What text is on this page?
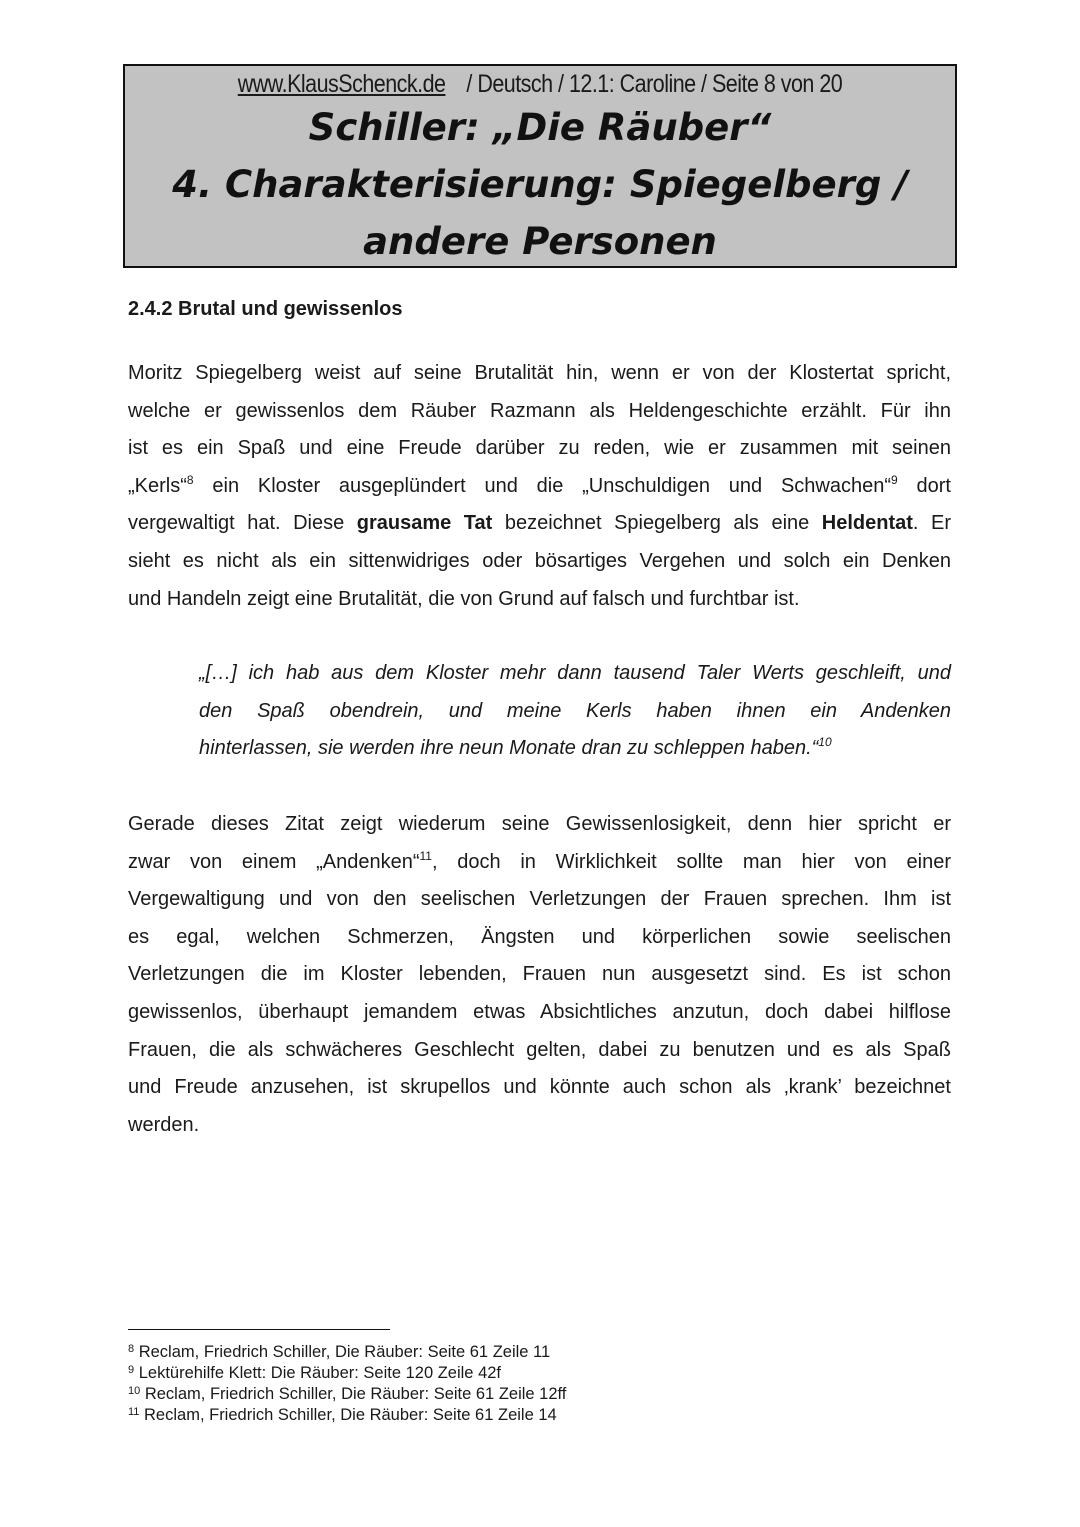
www.KlausSchenck.de / Deutsch / 12.1: Caroline / Seite 8 von 20
Schiller: „Die Räuber“
4. Charakterisierung: Spiegelberg /
andere Personen
2.4.2 Brutal und gewissenlos
Moritz Spiegelberg weist auf seine Brutalität hin, wenn er von der Klostertat spricht,
welche er gewissenlos dem Räuber Razmann als Heldengeschichte erzählt. Für ihn
ist es ein Spaß und eine Freude darüber zu reden, wie er zusammen mit seinen
„Kerls“$^8$ ein Kloster ausgeplündert und die „Unschuldigen und Schwachen“$^9$ dort
vergewaltigt hat. Diese grausame Tat bezeichnet Spiegelberg als eine Heldentat. Er
sieht es nicht als ein sittenwidriges oder bösartiges Vergehen und solch ein Denken
und Handeln zeigt eine Brutalität, die von Grund auf falsch und furchtbar ist.
„[…] ich hab aus dem Kloster mehr dann tausend Taler Werts geschleift, und
den Spaß obendrein, und meine Kerls haben ihnen ein Andenken
hinterlassen, sie werden ihre neun Monate dran zu schleppen haben.“$^{10}$
Gerade dieses Zitat zeigt wiederum seine Gewissenlosigkeit, denn hier spricht er
zwar von einem „Andenken“$^{11}$, doch in Wirklichkeit sollte man hier von einer
Vergewaltigung und von den seelischen Verletzungen der Frauen sprechen. Ihm ist
es egal, welchen Schmerzen, Ängsten und körperlichen sowie seelischen
Verletzungen die im Kloster lebenden, Frauen nun ausgesetzt sind. Es ist schon
gewissenlos, überhaupt jemandem etwas Absichtliches anzutun, doch dabei hilflose
Frauen, die als schwächeres Geschlecht gelten, dabei zu benutzen und es als Spaß
und Freude anzusehen, ist skrupellos und könnte auch schon als ‚krank’ bezeichnet
werden.
$^8$ Reclam, Friedrich Schiller, Die Räuber: Seite 61 Zeile 11
$^9$ Lektürehilfe Klett: Die Räuber: Seite 120 Zeile 42f
$^{10}$ Reclam, Friedrich Schiller, Die Räuber: Seite 61 Zeile 12ff
$^{11}$ Reclam, Friedrich Schiller, Die Räuber: Seite 61 Zeile 14
